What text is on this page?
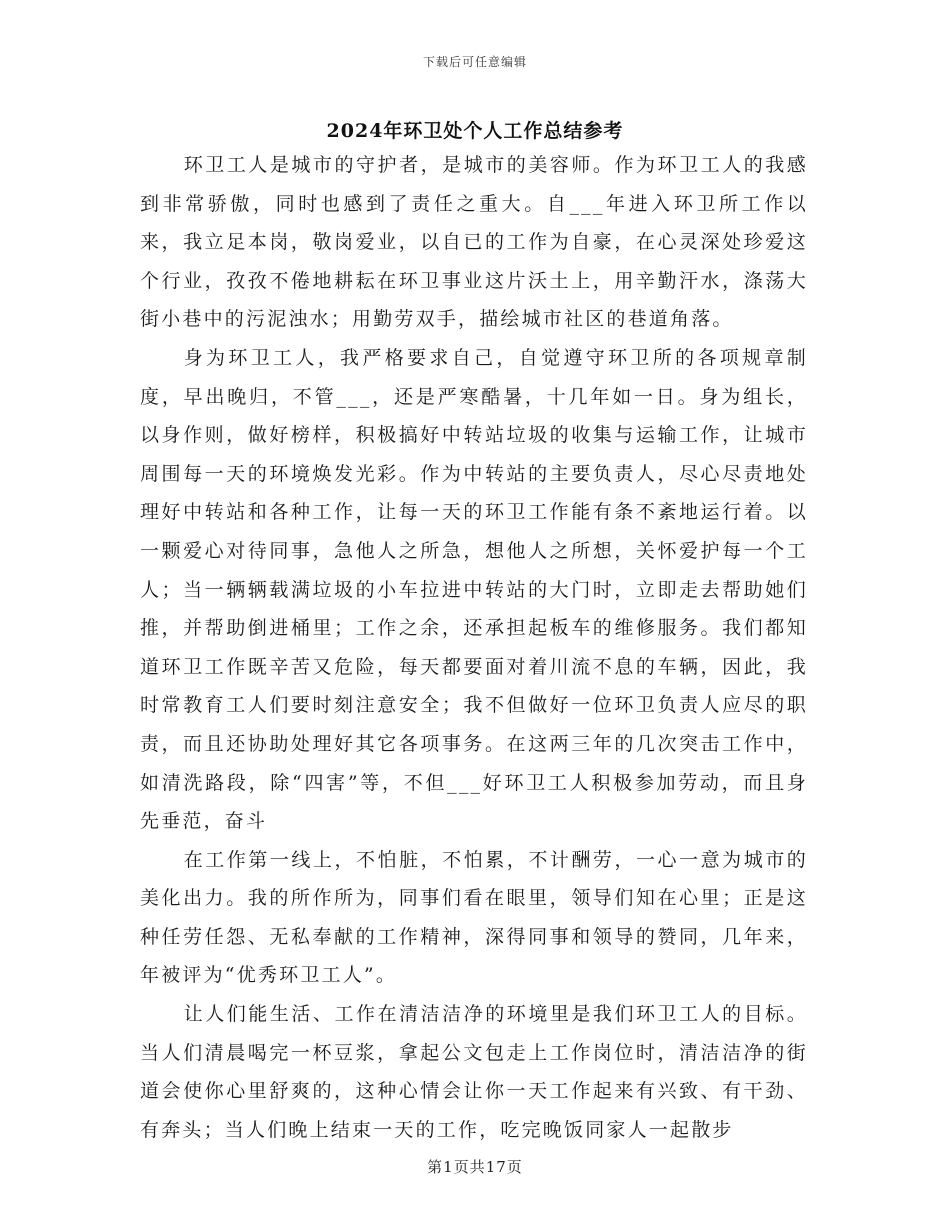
下载后可任意编辑
2024年环卫处个人工作总结参考

环卫工人是城市的守护者，是城市的美容师。作为环卫工人的我感到非常骄傲，同时也感到了责任之重大。自___年进入环卫所工作以来，我立足本岗，敬岗爱业，以自已的工作为自豪，在心灵深处珍爱这个行业，孜孜不倦地耕耘在环卫事业这片沃土上，用辛勤汗水，涤荡大街小巷中的污泥浊水；用勤劳双手，描绘城市社区的巷道角落。

身为环卫工人，我严格要求自己，自觉遵守环卫所的各项规章制度，早出晚归，不管___，还是严寒酷暑，十几年如一日。身为组长，以身作则，做好榜样，积极搞好中转站垃圾的收集与运输工作，让城市周围每一天的环境焕发光彩。作为中转站的主要负责人，尽心尽责地处理好中转站和各种工作，让每一天的环卫工作能有条不紊地运行着。以一颗爱心对待同事，急他人之所急，想他人之所想，关怀爱护每一个工人；当一辆辆载满垃圾的小车拉进中转站的大门时，立即走去帮助她们推，并帮助倒进桶里；工作之余，还承担起板车的维修服务。我们都知道环卫工作既辛苦又危险，每天都要面对着川流不息的车辆，因此，我时常教育工人们要时刻注意安全；我不但做好一位环卫负责人应尽的职责，而且还协助处理好其它各项事务。在这两三年的几次突击工作中，如清洗路段，除“四害”等，不但___好环卫工人积极参加劳动，而且身先垂范，奋斗

在工作第一线上，不怕脏，不怕累，不计酬劳，一心一意为城市的美化出力。我的所作所为，同事们看在眼里，领导们知在心里；正是这种任劳任怨、无私奉献的工作精神，深得同事和领导的赞同，几年来，年被评为“优秀环卫工人”。

让人们能生活、工作在清洁洁净的环境里是我们环卫工人的目标。当人们清晨喝完一杯豆浆，拿起公文包走上工作岗位时，清洁洁净的街道会使你心里舒爽的，这种心情会让你一天工作起来有兴致、有干劲、有奔头；当人们晚上结束一天的工作，吃完晚饭同家人一起散步

第1页共17页
